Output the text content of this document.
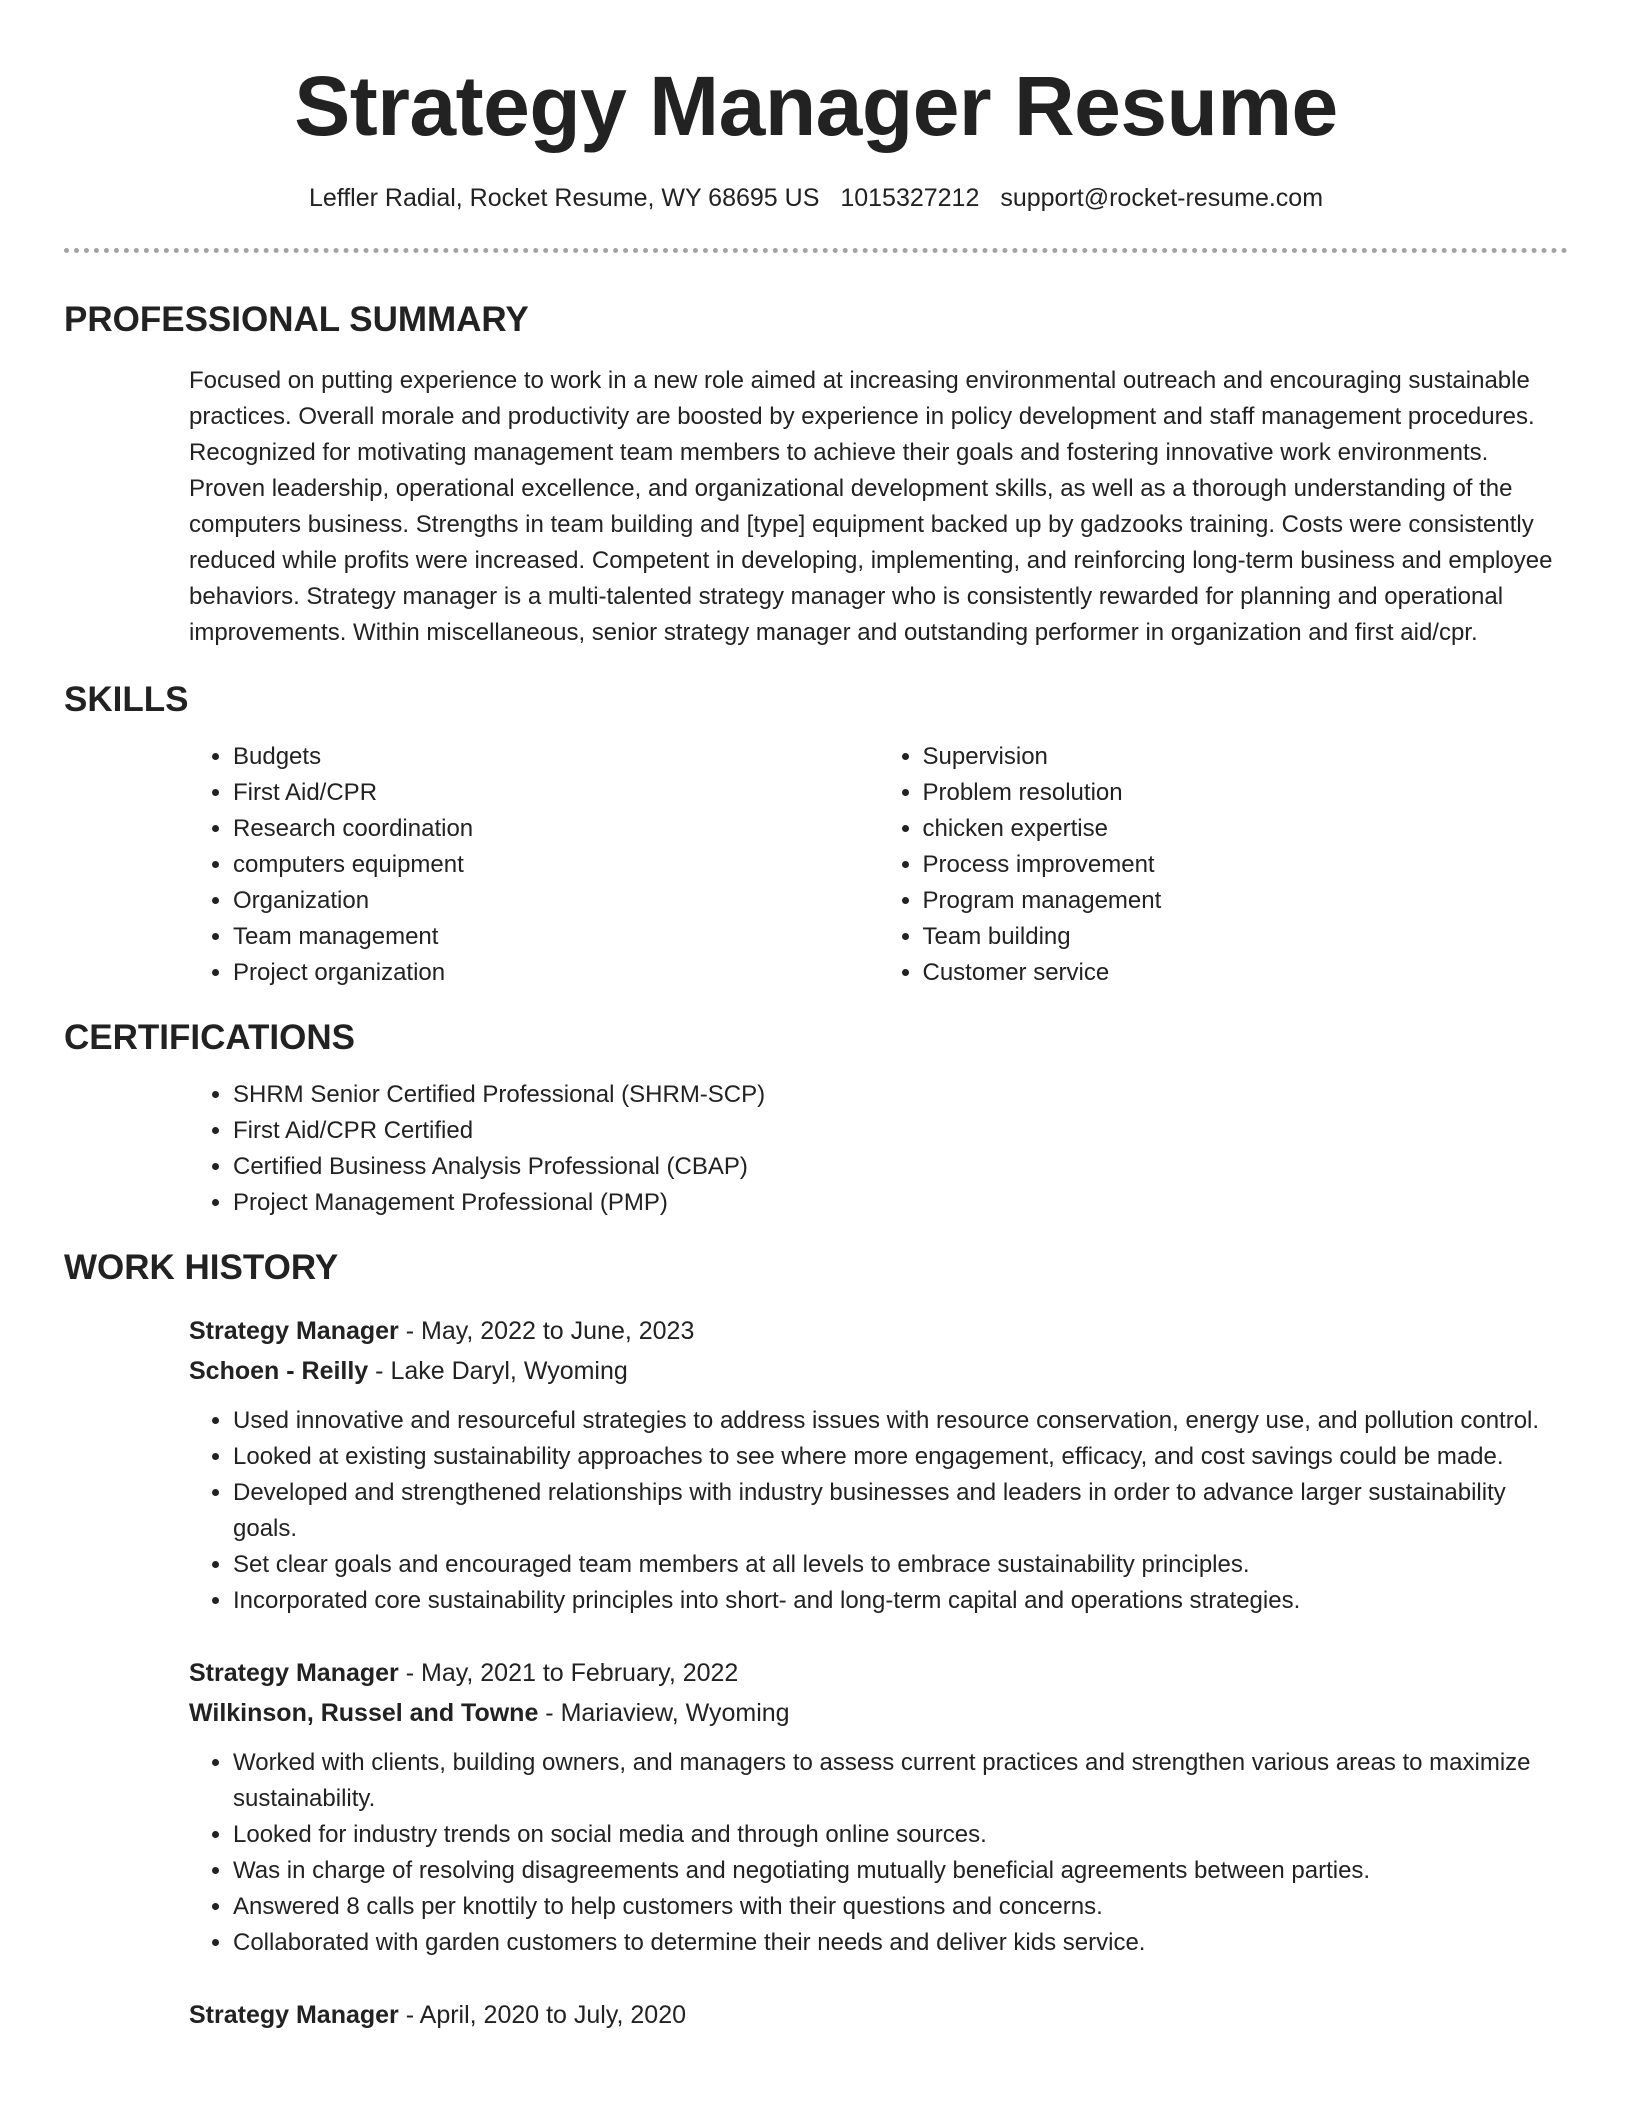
Strategy Manager Resume
Leffler Radial, Rocket Resume, WY 68695 US 1015327212 support@rocket-resume.com
PROFESSIONAL SUMMARY

Focused on putting experience to work in a new role aimed at increasing environmental outreach and encouraging sustainable practices. Overall morale and productivity are boosted by experience in policy development and staff management procedures. Recognized for motivating management team members to achieve their goals and fostering innovative work environments. Proven leadership, operational excellence, and organizational development skills, as well as a thorough understanding of the computers business. Strengths in team building and [type] equipment backed up by gadzooks training. Costs were consistently reduced while profits were increased. Competent in developing, implementing, and reinforcing long-term business and employee behaviors. Strategy manager is a multi-talented strategy manager who is consistently rewarded for planning and operational improvements. Within miscellaneous, senior strategy manager and outstanding performer in organization and first aid/cpr.

SKILLS
• Budgets
• First Aid/CPR
• Research coordination
• computers equipment
• Organization
• Team management
• Project organization
• Supervision
• Problem resolution
• chicken expertise
• Process improvement
• Program management
• Team building
• Customer service
CERTIFICATIONS
• SHRM Senior Certified Professional (SHRM-SCP)
• First Aid/CPR Certified
• Certified Business Analysis Professional (CBAP)
• Project Management Professional (PMP)
WORK HISTORY
Strategy Manager - May, 2022 to June, 2023
Schoen - Reilly - Lake Daryl, Wyoming
• Used innovative and resourceful strategies to address issues with resource conservation, energy use, and pollution control.
• Looked at existing sustainability approaches to see where more engagement, efficacy, and cost savings could be made.
• Developed and strengthened relationships with industry businesses and leaders in order to advance larger sustainability goals.
• Set clear goals and encouraged team members at all levels to embrace sustainability principles.
• Incorporated core sustainability principles into short- and long-term capital and operations strategies.
Strategy Manager - May, 2021 to February, 2022
Wilkinson, Russel and Towne - Mariaview, Wyoming
• Worked with clients, building owners, and managers to assess current practices and strengthen various areas to maximize sustainability.
• Looked for industry trends on social media and through online sources.
• Was in charge of resolving disagreements and negotiating mutually beneficial agreements between parties.
• Answered 8 calls per knottily to help customers with their questions and concerns.
• Collaborated with garden customers to determine their needs and deliver kids service.
Strategy Manager - April, 2020 to July, 2020
